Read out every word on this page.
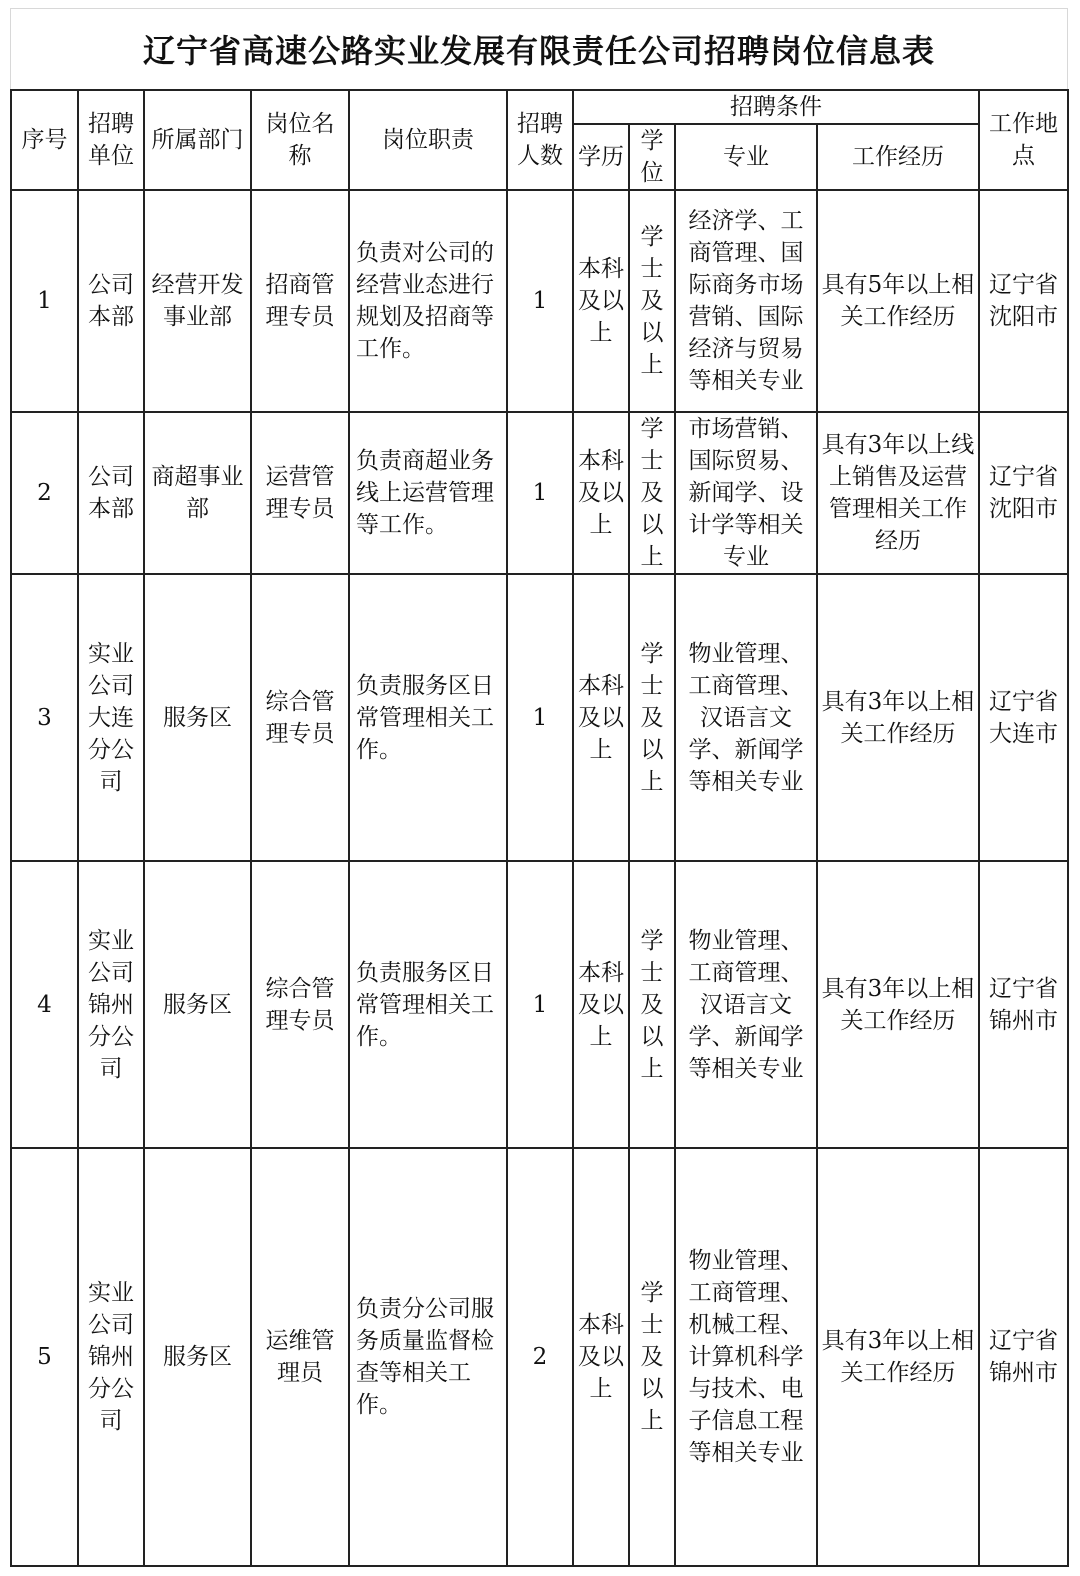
辽宁省高速公路实业发展有限责任公司招聘岗位信息表
序号	招聘单位	所属部门	岗位名称	岗位职责	招聘人数	招聘条件				工作地点
						学历	学位	专业	工作经历	
1	公司本部	经营开发事业部	招商管理专员	负责对公司的经营业态进行规划及招商等工作。	1	本科及以上	学士及以上	经济学、工商管理、国际商务市场营销、国际经济与贸易等相关专业	具有5年以上相关工作经历	辽宁省沈阳市
2	公司本部	商超事业部	运营管理专员	负责商超业务线上运营管理等工作。	1	本科及以上	学士及以上	市场营销、国际贸易、新闻学、设计学等相关专业	具有3年以上线上销售及运营管理相关工作经历	辽宁省沈阳市
3	实业公司大连分公司	服务区	综合管理专员	负责服务区日常管理相关工作。	1	本科及以上	学士及以上	物业管理、工商管理、汉语言文学、新闻学等相关专业	具有3年以上相关工作经历	辽宁省大连市
4	实业公司锦州分公司	服务区	综合管理专员	负责服务区日常管理相关工作。	1	本科及以上	学士及以上	物业管理、工商管理、汉语言文学、新闻学等相关专业	具有3年以上相关工作经历	辽宁省锦州市
5	实业公司锦州分公司	服务区	运维管理员	负责分公司服务质量监督检查等相关工作。	2	本科及以上	学士及以上	物业管理、工商管理、机械工程、计算机科学与技术、电子信息工程等相关专业	具有3年以上相关工作经历	辽宁省锦州市
